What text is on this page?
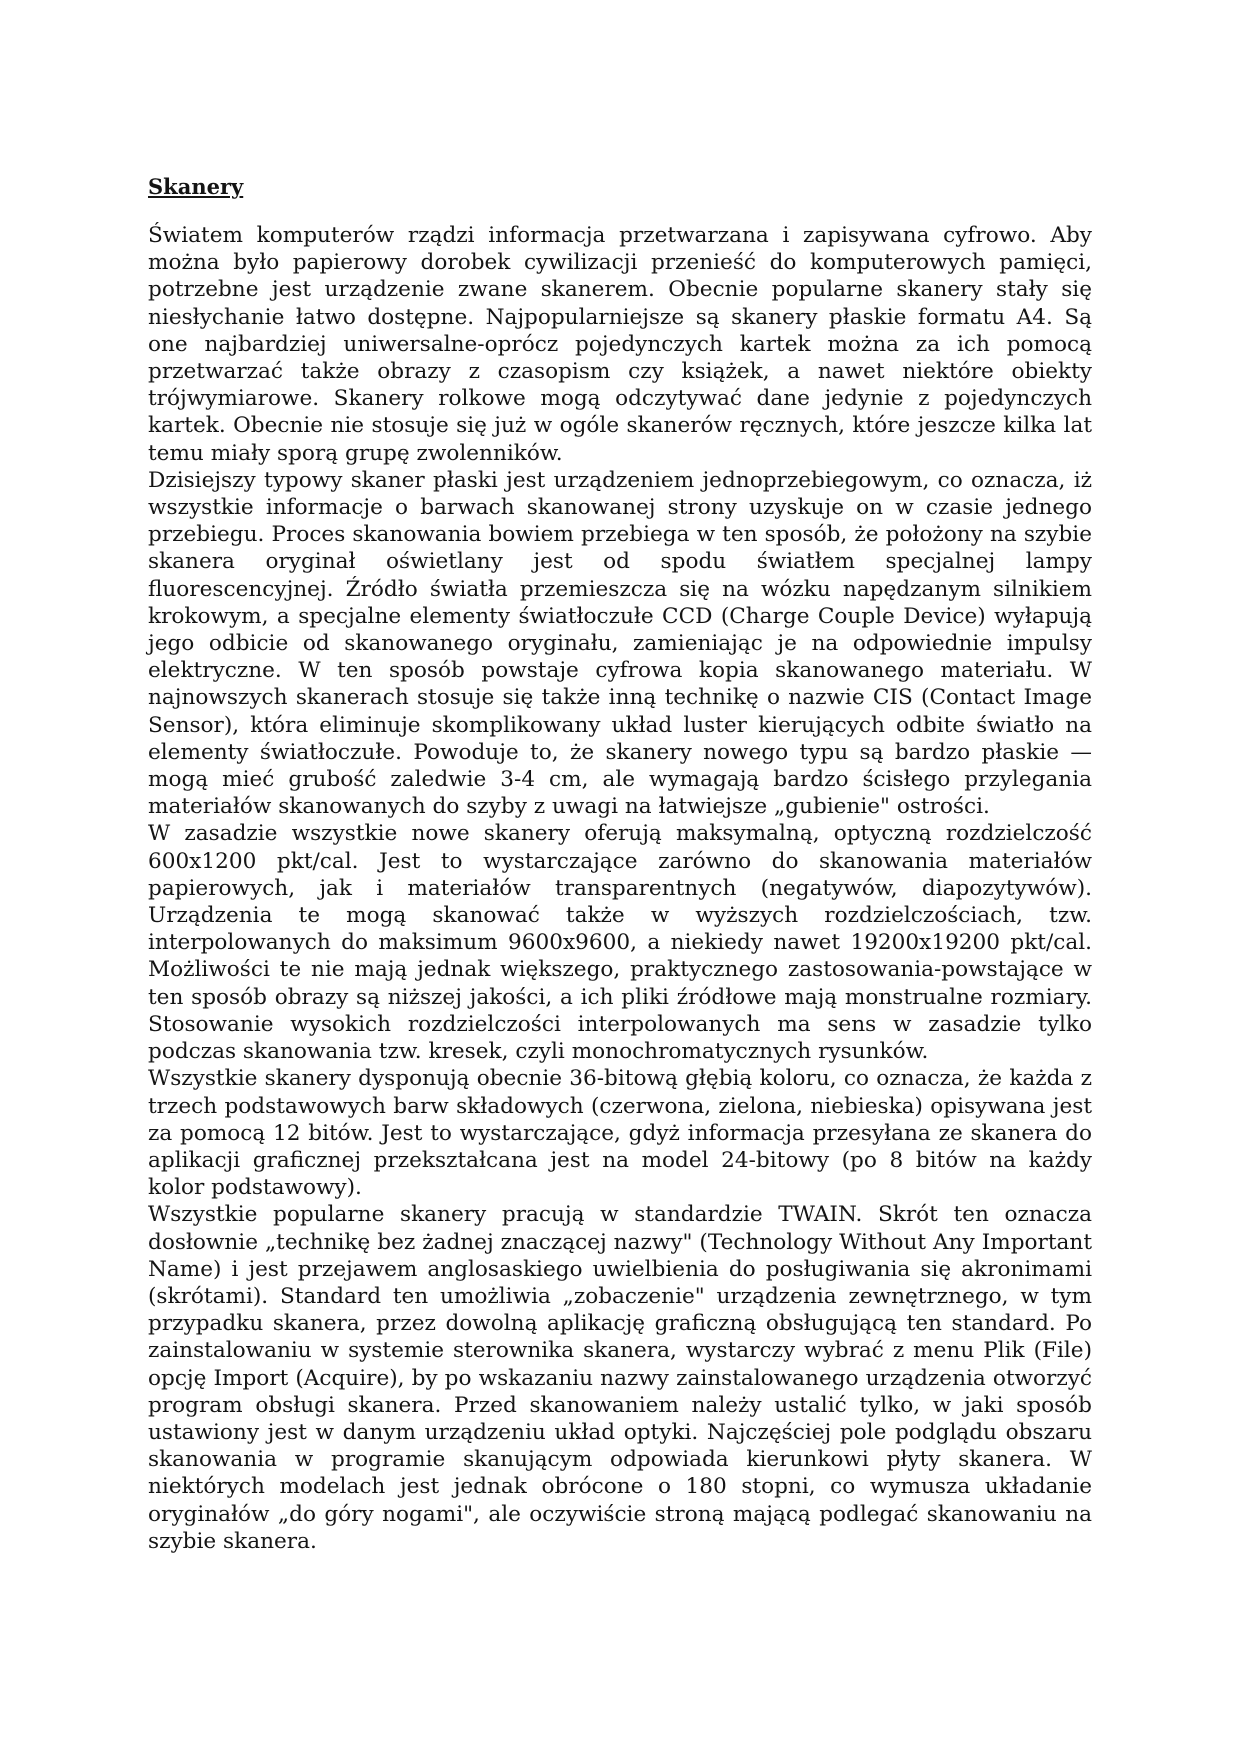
Skanery

Światem komputerów rządzi informacja przetwarzana i zapisywana cyfrowo. Aby można było papierowy dorobek cywilizacji przenieść do komputerowych pamięci, potrzebne jest urządzenie zwane skanerem. Obecnie popularne skanery stały się niesłychanie łatwo dostępne. Najpopularniejsze są skanery płaskie formatu A4. Są one najbardziej uniwersalne-oprócz pojedynczych kartek można za ich pomocą przetwarzać także obrazy z czasopism czy książek, a nawet niektóre obiekty trójwymiarowe. Skanery rolkowe mogą odczytywać dane jedynie z pojedynczych kartek. Obecnie nie stosuje się już w ogóle skanerów ręcznych, które jeszcze kilka lat temu miały sporą grupę zwolenników.

Dzisiejszy typowy skaner płaski jest urządzeniem jednoprzebiegowym, co oznacza, iż wszystkie informacje o barwach skanowanej strony uzyskuje on w czasie jednego przebiegu. Proces skanowania bowiem przebiega w ten sposób, że położony na szybie skanera oryginał oświetlany jest od spodu światłem specjalnej lampy fluorescencyjnej. Źródło światła przemieszcza się na wózku napędzanym silnikiem krokowym, a specjalne elementy światłoczułe CCD (Charge Couple Device) wyłapują jego odbicie od skanowanego oryginału, zamieniając je na odpowiednie impulsy elektryczne. W ten sposób powstaje cyfrowa kopia skanowanego materiału. W najnowszych skanerach stosuje się także inną technikę o nazwie CIS (Contact Image Sensor), która eliminuje skomplikowany układ luster kierujących odbite światło na elementy światłoczułe. Powoduje to, że skanery nowego typu są bardzo płaskie — mogą mieć grubość zaledwie 3-4 cm, ale wymagają bardzo ścisłego przylegania materiałów skanowanych do szyby z uwagi na łatwiejsze „gubienie" ostrości.

W zasadzie wszystkie nowe skanery oferują maksymalną, optyczną rozdzielczość 600x1200 pkt/cal. Jest to wystarczające zarówno do skanowania materiałów papierowych, jak i materiałów transparentnych (negatywów, diapozytywów). Urządzenia te mogą skanować także w wyższych rozdzielczościach, tzw. interpolowanych do maksimum 9600x9600, a niekiedy nawet 19200x19200 pkt/cal. Możliwości te nie mają jednak większego, praktycznego zastosowania-powstające w ten sposób obrazy są niższej jakości, a ich pliki źródłowe mają monstrualne rozmiary. Stosowanie wysokich rozdzielczości interpolowanych ma sens w zasadzie tylko podczas skanowania tzw. kresek, czyli monochromatycznych rysunków.

Wszystkie skanery dysponują obecnie 36-bitową głębią koloru, co oznacza, że każda z trzech podstawowych barw składowych (czerwona, zielona, niebieska) opisywana jest za pomocą 12 bitów. Jest to wystarczające, gdyż informacja przesyłana ze skanera do aplikacji graficznej przekształcana jest na model 24-bitowy (po 8 bitów na każdy kolor podstawowy).

Wszystkie popularne skanery pracują w standardzie TWAIN. Skrót ten oznacza dosłownie „technikę bez żadnej znaczącej nazwy" (Technology Without Any Important Name) i jest przejawem anglosaskiego uwielbienia do posługiwania się akronimami (skrótami). Standard ten umożliwia „zobaczenie" urządzenia zewnętrznego, w tym przypadku skanera, przez dowolną aplikację graficzną obsługującą ten standard. Po zainstalowaniu w systemie sterownika skanera, wystarczy wybrać z menu Plik (File) opcję Import (Acquire), by po wskazaniu nazwy zainstalowanego urządzenia otworzyć program obsługi skanera. Przed skanowaniem należy ustalić tylko, w jaki sposób ustawiony jest w danym urządzeniu układ optyki. Najczęściej pole podglądu obszaru skanowania w programie skanującym odpowiada kierunkowi płyty skanera. W niektórych modelach jest jednak obrócone o 180 stopni, co wymusza układanie oryginałów „do góry nogami", ale oczywiście stroną mającą podlegać skanowaniu na szybie skanera.
